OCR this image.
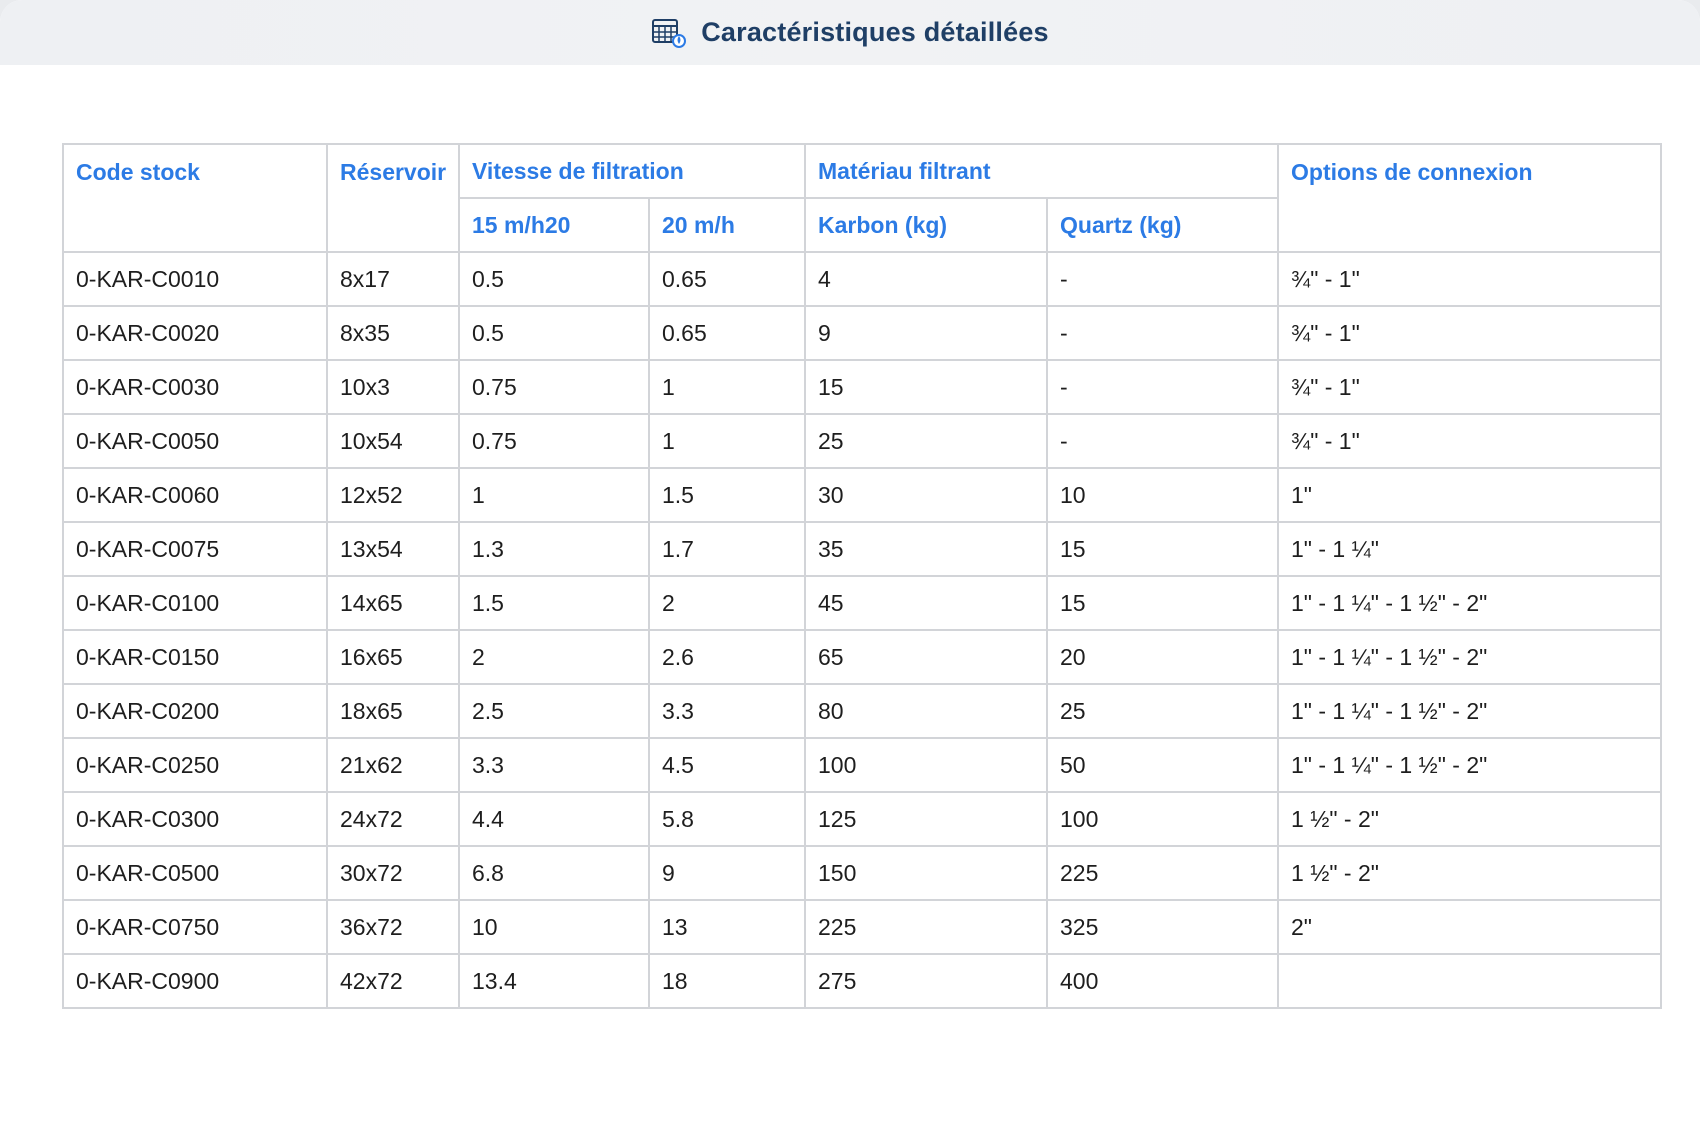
Caractéristiques détaillées
Code stock	Réservoir	Vitesse de filtration		Matériau filtrant		Options de connexion
		15 m/h20	20 m/h	Karbon (kg)	Quartz (kg)	
0-KAR-C0010	8x17	0.5	0.65	4	-	¾" - 1"
0-KAR-C0020	8x35	0.5	0.65	9	-	¾" - 1"
0-KAR-C0030	10x3	0.75	1	15	-	¾" - 1"
0-KAR-C0050	10x54	0.75	1	25	-	¾" - 1"
0-KAR-C0060	12x52	1	1.5	30	10	1"
0-KAR-C0075	13x54	1.3	1.7	35	15	1" - 1 ¼"
0-KAR-C0100	14x65	1.5	2	45	15	1" - 1 ¼" - 1 ½" - 2"
0-KAR-C0150	16x65	2	2.6	65	20	1" - 1 ¼" - 1 ½" - 2"
0-KAR-C0200	18x65	2.5	3.3	80	25	1" - 1 ¼" - 1 ½" - 2"
0-KAR-C0250	21x62	3.3	4.5	100	50	1" - 1 ¼" - 1 ½" - 2"
0-KAR-C0300	24x72	4.4	5.8	125	100	1 ½" - 2"
0-KAR-C0500	30x72	6.8	9	150	225	1 ½" - 2"
0-KAR-C0750	36x72	10	13	225	325	2"
0-KAR-C0900	42x72	13.4	18	275	400	
